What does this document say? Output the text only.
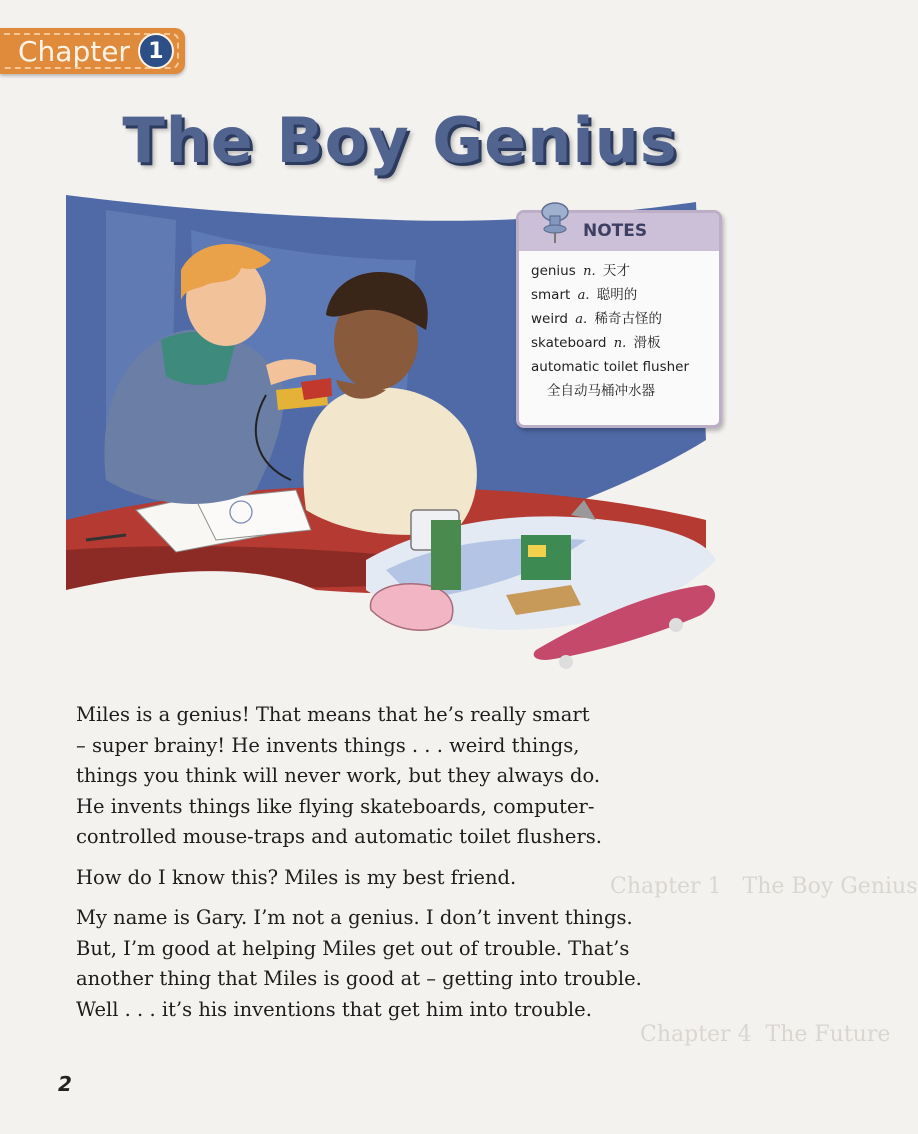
Chapter 1   The Boy Genius
Chapter 4  The Future
Chapter 1
The Boy Genius
NOTES
genius n. 天才
smart a. 聪明的
weird a. 稀奇古怪的
skateboard n. 滑板
automatic toilet flusher
全自动马桶冲水器

Miles is a genius! That means that he’s really smart
– super brainy! He invents things . . . weird things,
things you think will never work, but they always do.
He invents things like flying skateboards, computer-
controlled mouse-traps and automatic toilet flushers.

How do I know this? Miles is my best friend.

My name is Gary. I’m not a genius. I don’t invent things.
But, I’m good at helping Miles get out of trouble. That’s
another thing that Miles is good at – getting into trouble.
Well . . . it’s his inventions that get him into trouble.

2
